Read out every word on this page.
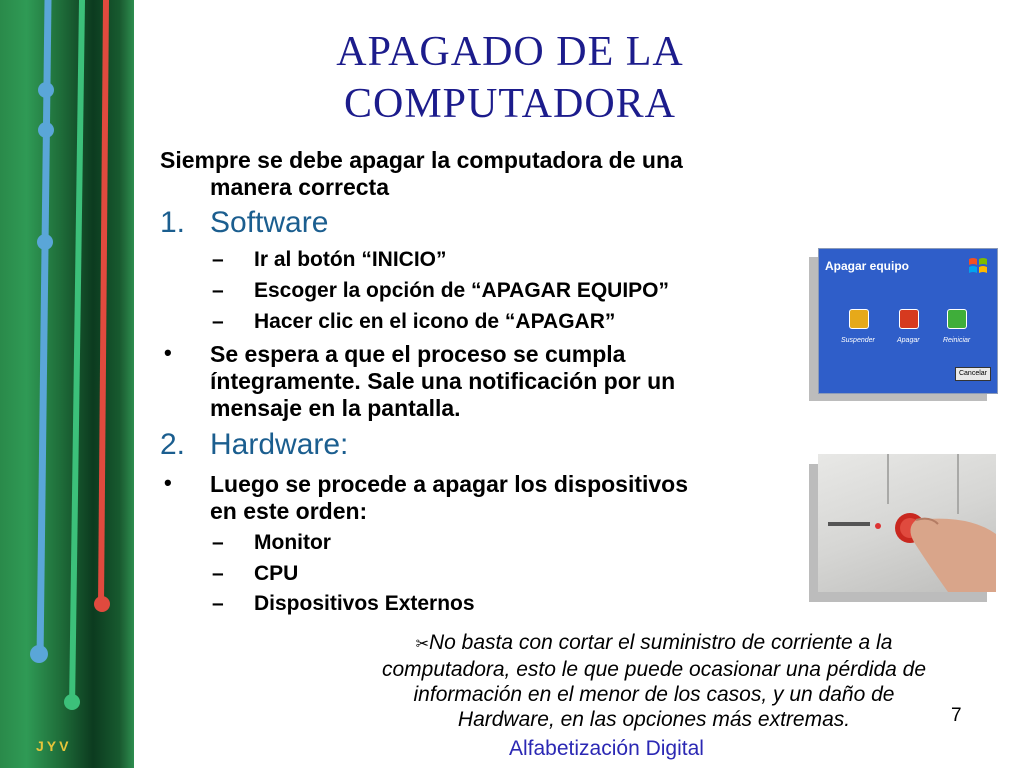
JYV
APAGADO DE LA
COMPUTADORA
Siempre se debe apagar la computadora de una
manera correcta
1. Software
– Ir al botón “INICIO”
– Escoger la opción de “APAGAR EQUIPO”
– Hacer clic en el icono de “APAGAR”
• Se espera a que el proceso se cumpla
íntegramente. Sale una notificación por un
mensaje en la pantalla.
2. Hardware:
• Luego se procede a apagar los dispositivos
en este orden:
– Monitor
– CPU
– Dispositivos Externos
Apagar equipo
Suspender	Apagar	Reiniciar
Cancelar
✂No basta con cortar el suministro de corriente a la
computadora, esto le que puede ocasionar una pérdida de
información en el menor de los casos, y un daño de
Hardware, en las opciones más extremas.	7
Alfabetización Digital
